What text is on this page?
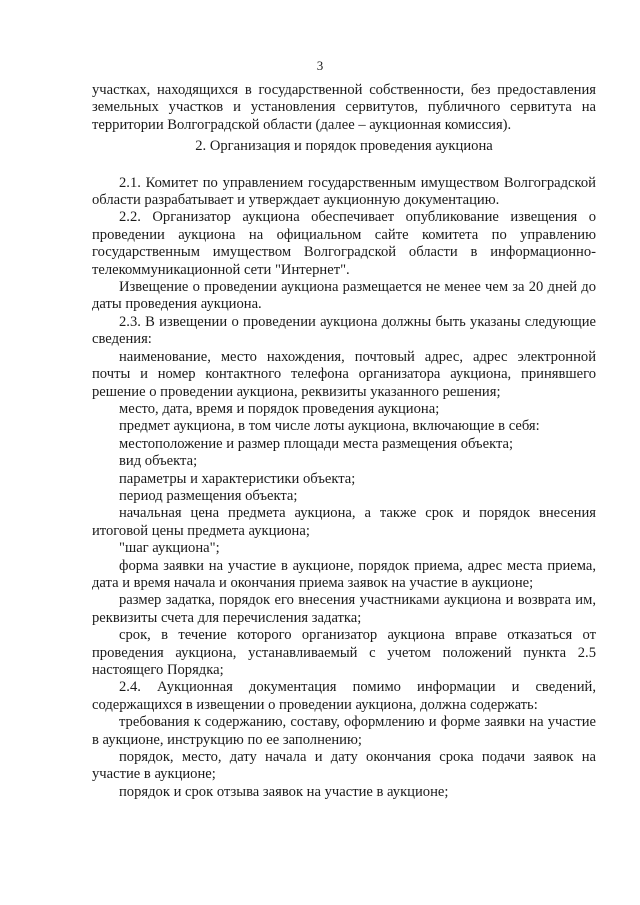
3

участках, находящихся в государственной собственности, без предоставления земельных участков и установления сервитутов, публичного сервитута на территории Волгоградской области (далее – аукционная комиссия).

2. Организация и порядок проведения аукциона

2.1. Комитет по управлением государственным имуществом Волгоградской области разрабатывает и утверждает аукционную документацию.

2.2. Организатор аукциона обеспечивает опубликование извещения о проведении аукциона на официальном сайте комитета по управлению государственным имуществом Волгоградской области в информационно-телекоммуникационной сети "Интернет".

Извещение о проведении аукциона размещается не менее чем за 20 дней до даты проведения аукциона.

2.3. В извещении о проведении аукциона должны быть указаны следующие сведения:

наименование, место нахождения, почтовый адрес, адрес электронной почты и номер контактного телефона организатора аукциона, принявшего решение о проведении аукциона, реквизиты указанного решения;

место, дата, время и порядок проведения аукциона;

предмет аукциона, в том числе лоты аукциона, включающие в себя:

местоположение и размер площади места размещения объекта;

вид объекта;

параметры и характеристики объекта;

период размещения объекта;

начальная цена предмета аукциона, а также срок и порядок внесения итоговой цены предмета аукциона;

"шаг аукциона";

форма заявки на участие в аукционе, порядок приема, адрес места приема, дата и время начала и окончания приема заявок на участие в аукционе;

размер задатка, порядок его внесения участниками аукциона и возврата им, реквизиты счета для перечисления задатка;

срок, в течение которого организатор аукциона вправе отказаться от проведения аукциона, устанавливаемый с учетом положений пункта 2.5 настоящего Порядка;

2.4. Аукционная документация помимо информации и сведений, содержащихся в извещении о проведении аукциона, должна содержать:

требования к содержанию, составу, оформлению и форме заявки на участие в аукционе, инструкцию по ее заполнению;

порядок, место, дату начала и дату окончания срока подачи заявок на участие в аукционе;

порядок и срок отзыва заявок на участие в аукционе;
